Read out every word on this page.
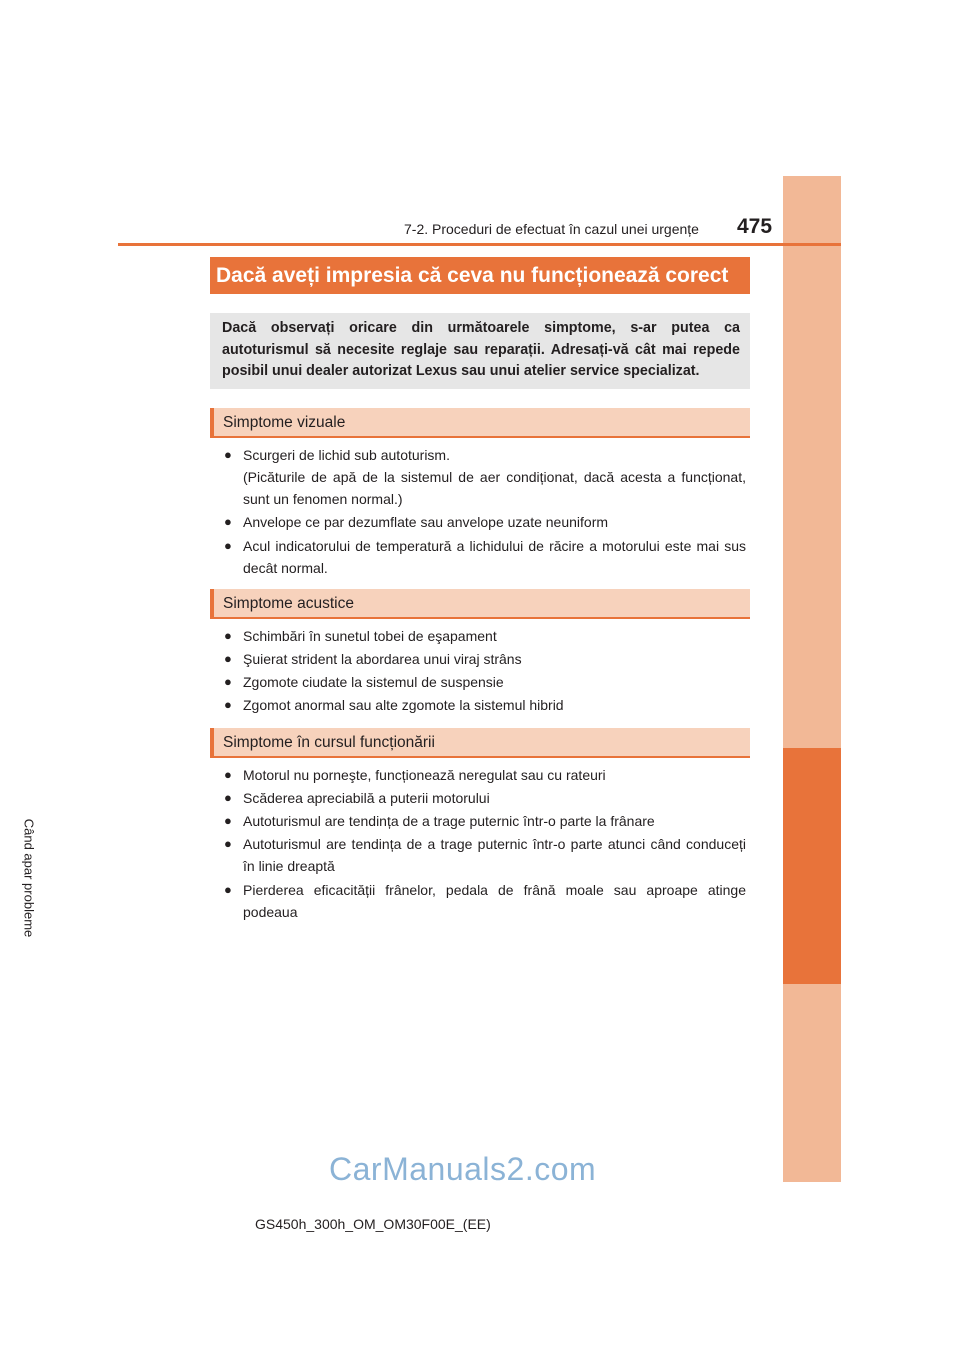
7
Când apar probleme
7-2. Proceduri de efectuat în cazul unei urgențe 475
Dacă aveți impresia că ceva nu funcționează corect
Dacă observați oricare din următoarele simptome, s-ar putea ca autoturismul să necesite reglaje sau reparații. Adresați-vă cât mai repede posibil unui dealer autorizat Lexus sau unui atelier service specializat.
Simptome vizuale
● Scurgeri de lichid sub autoturism.
(Picăturile de apă de la sistemul de aer condiționat, dacă acesta a funcționat, sunt un fenomen normal.)
● Anvelope ce par dezumflate sau anvelope uzate neuniform
● Acul indicatorului de temperatură a lichidului de răcire a motorului este mai sus decât normal.
Simptome acustice
● Schimbări în sunetul tobei de eşapament
● Şuierat strident la abordarea unui viraj strâns
● Zgomote ciudate la sistemul de suspensie
● Zgomot anormal sau alte zgomote la sistemul hibrid
Simptome în cursul funcționării
● Motorul nu porneşte, funcționează neregulat sau cu rateuri
● Scăderea apreciabilă a puterii motorului
● Autoturismul are tendința de a trage puternic într-o parte la frânare
● Autoturismul are tendința de a trage puternic într-o parte atunci când conduceți în linie dreaptă
● Pierderea eficacității frânelor, pedala de frână moale sau aproape atinge podeaua
CarManuals2.com
GS450h_300h_OM_OM30F00E_(EE)
